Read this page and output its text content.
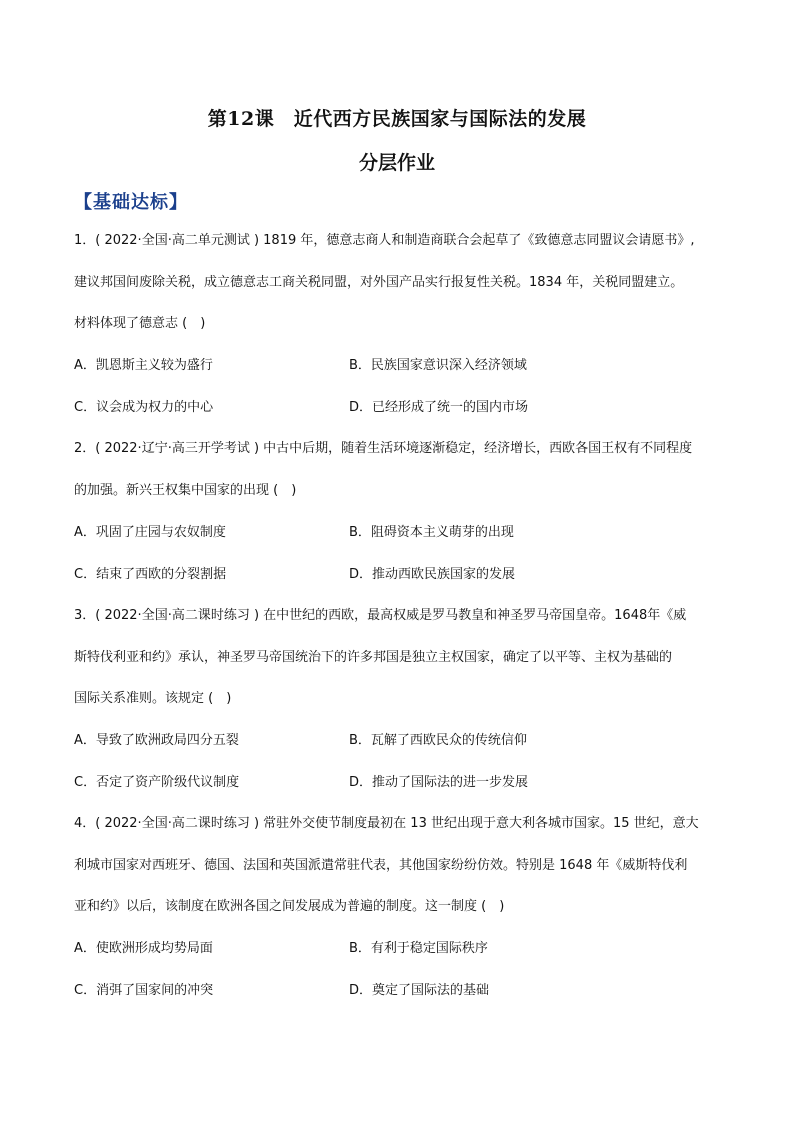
第12课　近代西方民族国家与国际法的发展
分层作业
【基础达标】
1．( 2022·全国·高二单元测试 ) 1819 年，德意志商人和制造商联合会起草了《致德意志同盟议会请愿书》,
建议邦国间废除关税，成立德意志工商关税同盟，对外国产品实行报复性关税。1834 年，关税同盟建立。
材料体现了德意志 (　)
A．凯恩斯主义较为盛行	B．民族国家意识深入经济领域
C．议会成为权力的中心	D．已经形成了统一的国内市场
2．( 2022·辽宁·高三开学考试 ) 中古中后期，随着生活环境逐渐稳定，经济增长，西欧各国王权有不同程度
的加强。新兴王权集中国家的出现 (　)
A．巩固了庄园与农奴制度	B．阻碍资本主义萌芽的出现
C．结束了西欧的分裂割据	D．推动西欧民族国家的发展
3．( 2022·全国·高二课时练习 ) 在中世纪的西欧，最高权威是罗马教皇和神圣罗马帝国皇帝。1648年《威
斯特伐利亚和约》承认，神圣罗马帝国统治下的许多邦国是独立主权国家，确定了以平等、主权为基础的
国际关系准则。该规定 (　)
A．导致了欧洲政局四分五裂	B．瓦解了西欧民众的传统信仰
C．否定了资产阶级代议制度	D．推动了国际法的进一步发展
4．( 2022·全国·高二课时练习 ) 常驻外交使节制度最初在 13 世纪出现于意大利各城市国家。15 世纪，意大
利城市国家对西班牙、德国、法国和英国派遣常驻代表，其他国家纷纷仿效。特别是 1648 年《威斯特伐利
亚和约》以后，该制度在欧洲各国之间发展成为普遍的制度。这一制度 (　)
A．使欧洲形成均势局面	B．有利于稳定国际秩序
C．消弭了国家间的冲突	D．奠定了国际法的基础
